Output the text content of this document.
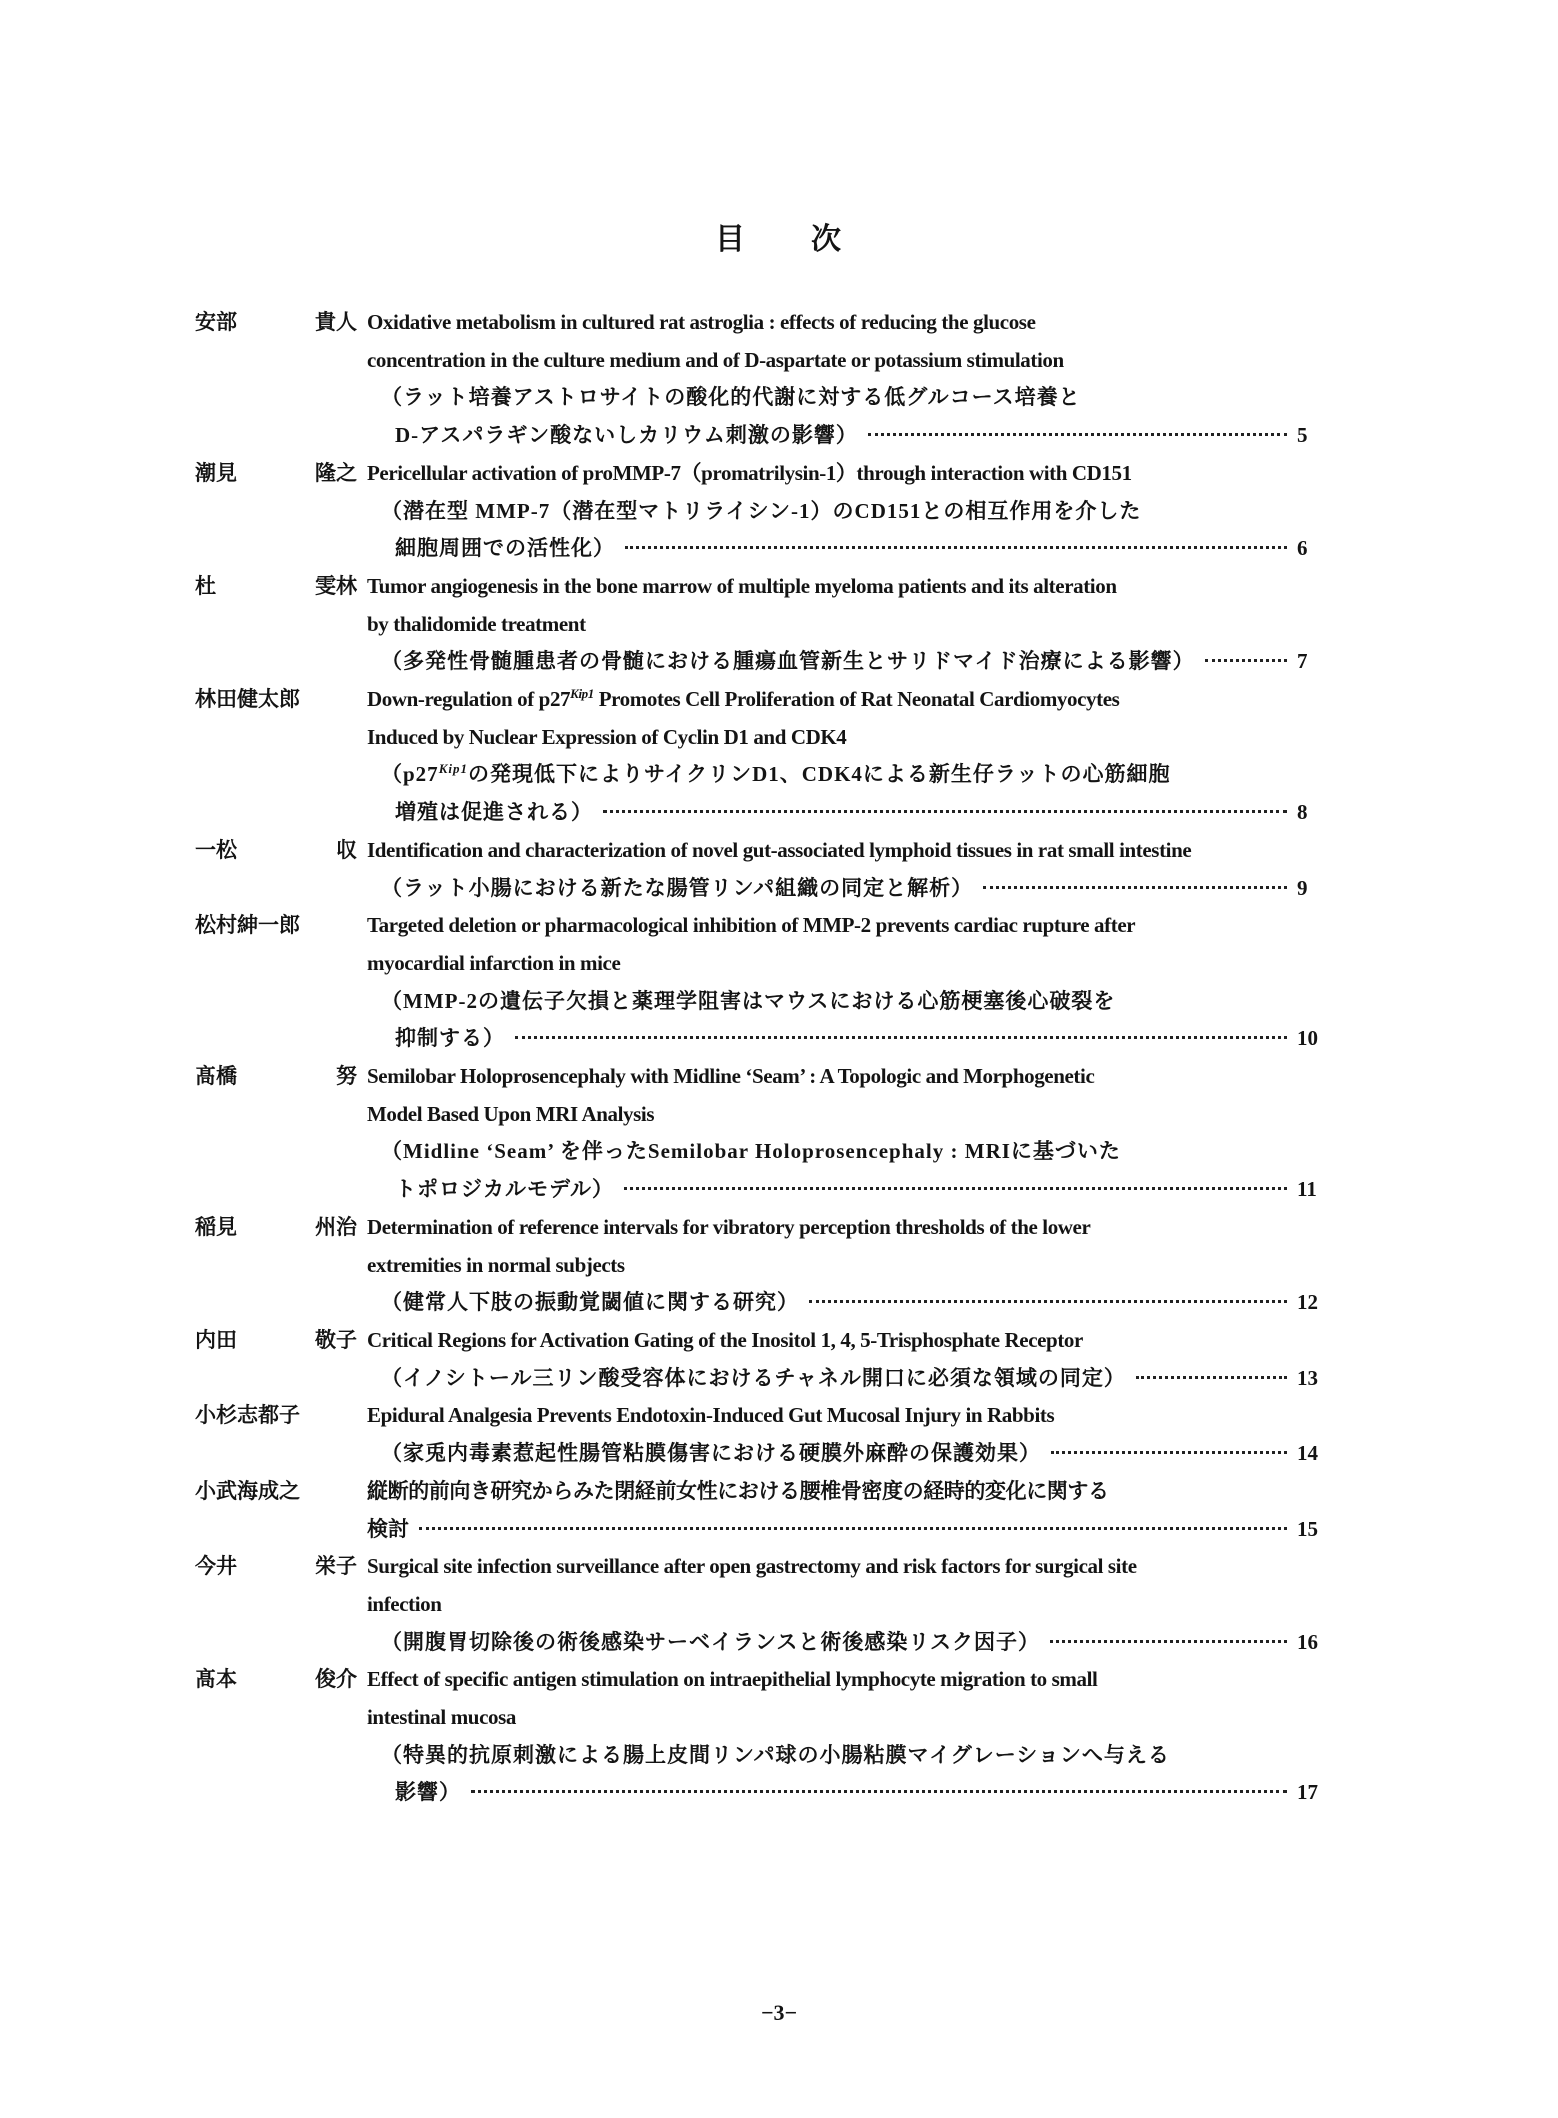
目 次
安部	貴人 Oxidative metabolism in cultured rat astroglia : effects of reducing the glucose
concentration in the culture medium and of D-aspartate or potassium stimulation
（ラット培養アストロサイトの酸化的代謝に対する低グルコース培養と
D-アスパラギン酸ないしカリウム刺激の影響）	5
潮見	隆之 Pericellular activation of proMMP-7（promatrilysin-1）through interaction with CD151
（潜在型 MMP-7（潜在型マトリライシン-1）のCD151との相互作用を介した
細胞周囲での活性化）	6
杜	雯林 Tumor angiogenesis in the bone marrow of multiple myeloma patients and its alteration
by thalidomide treatment
（多発性骨髄腫患者の骨髄における腫瘍血管新生とサリドマイド治療による影響）	7
林田健太郎	Down-regulation of $p27^{Kip1}$ Promotes Cell Proliferation of Rat Neonatal Cardiomyocytes
Induced by Nuclear Expression of Cyclin D1 and CDK4
（$p27^{Kip1}$の発現低下によりサイクリンD1、CDK4による新生仔ラットの心筋細胞
増殖は促進される）	8
一松	収 Identification and characterization of novel gut-associated lymphoid tissues in rat small intestine
（ラット小腸における新たな腸管リンパ組織の同定と解析）	9
松村紳一郎	Targeted deletion or pharmacological inhibition of MMP-2 prevents cardiac rupture after
myocardial infarction in mice
（MMP-2の遺伝子欠損と薬理学阻害はマウスにおける心筋梗塞後心破裂を
抑制する）	10
髙橋	努 Semilobar Holoprosencephaly with Midline ‘Seam’ : A Topologic and Morphogenetic
Model Based Upon MRI Analysis
（Midline ‘Seam’ を伴ったSemilobar Holoprosencephaly : MRIに基づいた
トポロジカルモデル）	11
稲見	州治 Determination of reference intervals for vibratory perception thresholds of the lower
extremities in normal subjects
（健常人下肢の振動覚閾値に関する研究）	12
内田	敬子 Critical Regions for Activation Gating of the Inositol 1, 4, 5-Trisphosphate Receptor
（イノシトール三リン酸受容体におけるチャネル開口に必須な領域の同定）	13
小杉志都子	Epidural Analgesia Prevents Endotoxin-Induced Gut Mucosal Injury in Rabbits
（家兎内毒素惹起性腸管粘膜傷害における硬膜外麻酔の保護効果）	14
小武海成之	縦断的前向き研究からみた閉経前女性における腰椎骨密度の経時的変化に関する
検討	15
今井	栄子 Surgical site infection surveillance after open gastrectomy and risk factors for surgical site
infection
（開腹胃切除後の術後感染サーベイランスと術後感染リスク因子）	16
髙本	俊介 Effect of specific antigen stimulation on intraepithelial lymphocyte migration to small
intestinal mucosa
（特異的抗原刺激による腸上皮間リンパ球の小腸粘膜マイグレーションへ与える
影響）	17
−3−
